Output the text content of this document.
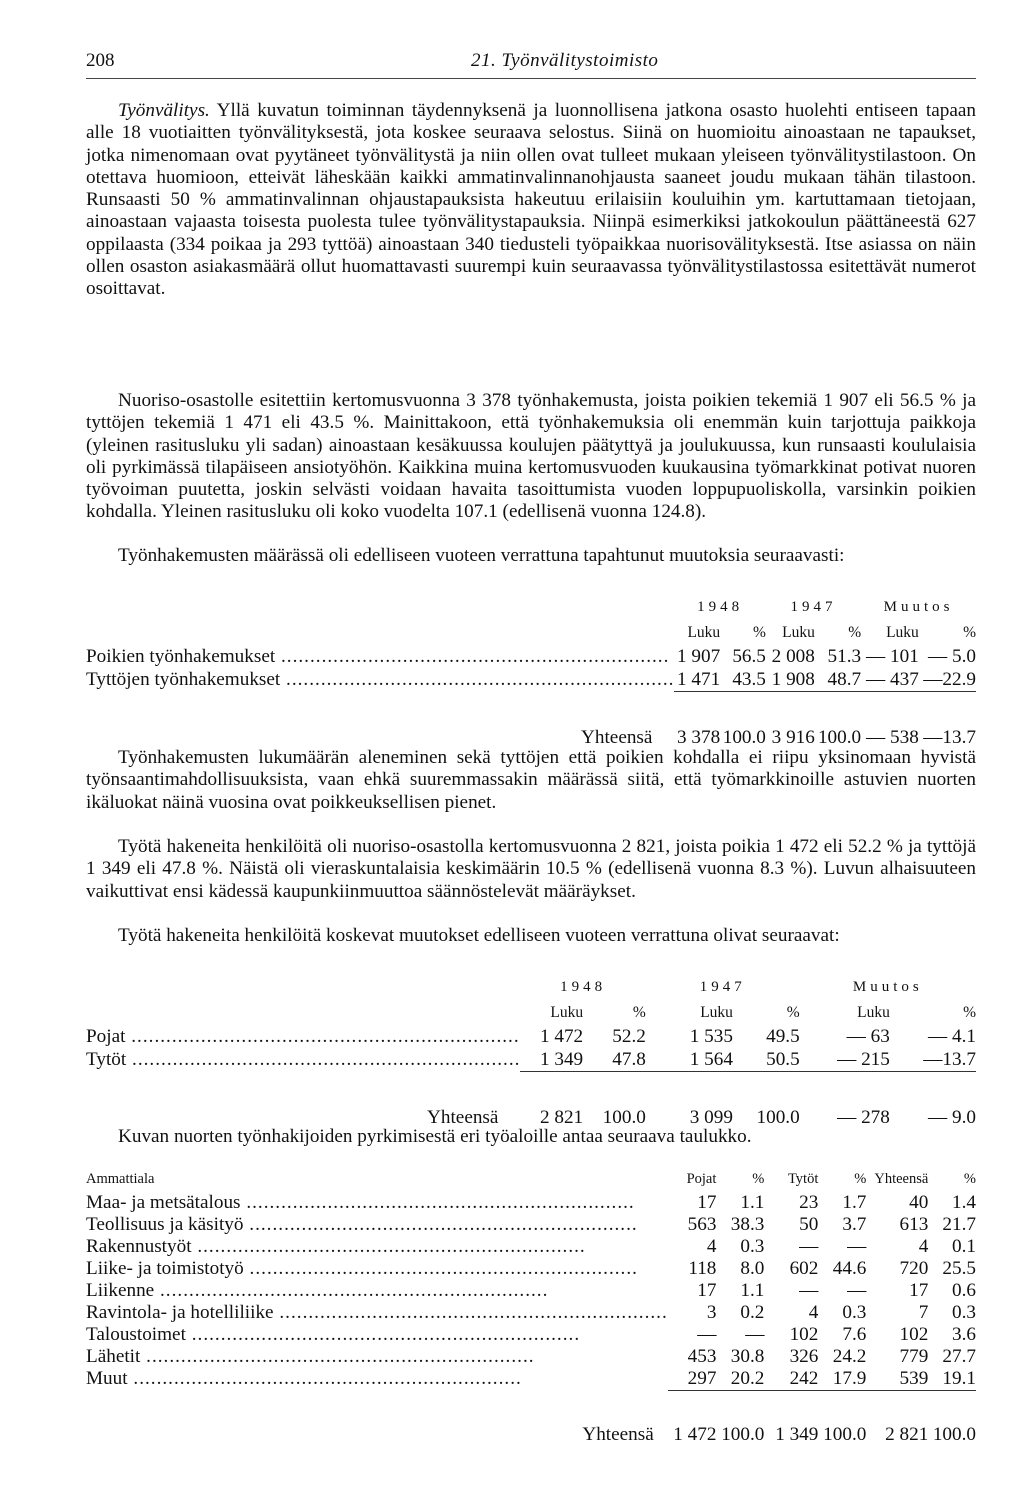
208	21. Työnvälitystoimisto

Työnvälitys. Yllä kuvatun toiminnan täydennyksenä ja luonnollisena jatkona osasto huolehti entiseen tapaan alle 18 vuotiaitten työnvälityksestä, jota koskee seuraava selostus. Siinä on huomioitu ainoastaan ne tapaukset, jotka nimenomaan ovat pyytäneet työnvälitystä ja niin ollen ovat tulleet mukaan yleiseen työnvälitystilastoon. On otettava huomioon, etteivät läheskään kaikki ammatinvalinnanohjausta saaneet joudu mukaan tähän tilastoon. Runsaasti 50 % ammatinvalinnan ohjaustapauksista hakeutuu erilaisiin kouluihin ym. kartuttamaan tietojaan, ainoastaan vajaasta toisesta puolesta tulee työnvälitystapauksia. Niinpä esimerkiksi jatkokoulun päättäneestä 627 oppilaasta (334 poikaa ja 293 tyttöä) ainoastaan 340 tiedusteli työpaikkaa nuorisovälityksestä. Itse asiassa on näin ollen osaston asiakasmäärä ollut huomattavasti suurempi kuin seuraavassa työnvälitystilastossa esitettävät numerot osoittavat.

Nuoriso-osastolle esitettiin kertomusvuonna 3 378 työnhakemusta, joista poikien tekemiä 1 907 eli 56.5 % ja tyttöjen tekemiä 1 471 eli 43.5 %. Mainittakoon, että työnhakemuksia oli enemmän kuin tarjottuja paikkoja (yleinen rasitusluku yli sadan) ainoastaan kesäkuussa koulujen päätyttyä ja joulukuussa, kun runsaasti koululaisia oli pyrkimässä tilapäiseen ansiotyöhön. Kaikkina muina kertomusvuoden kuukausina työmarkkinat potivat nuoren työvoiman puutetta, joskin selvästi voidaan havaita tasoittumista vuoden loppupuoliskolla, varsinkin poikien kohdalla. Yleinen rasitusluku oli koko vuodelta 107.1 (edellisenä vuonna 124.8).

Työnhakemusten määrässä oli edelliseen vuoteen verrattuna tapahtunut muutoksia seuraavasti:

	1948		1947		Muutos	
	Luku	%	Luku	%	Luku	%
Poikien työnhakemukset .....	1 907	56.5	2 008	51.3	— 101	— 5.0
Tyttöjen työnhakemukset .....	1 471	43.5	1 908	48.7	— 437	—22.9

Yhteensä	3 378	100.0	3 916	100.0	— 538	—13.7

Työnhakemusten lukumäärän aleneminen sekä tyttöjen että poikien kohdalla ei riipu yksinomaan hyvistä työnsaantimahdollisuuksista, vaan ehkä suuremmassakin määrässä siitä, että työmarkkinoille astuvien nuorten ikäluokat näinä vuosina ovat poikkeuksellisen pienet.

Työtä hakeneita henkilöitä oli nuoriso-osastolla kertomusvuonna 2 821, joista poikia 1 472 eli 52.2 % ja tyttöjä 1 349 eli 47.8 %. Näistä oli vieraskuntalaisia keskimäärin 10.5 % (edellisenä vuonna 8.3 %). Luvun alhaisuuteen vaikuttivat ensi kädessä kaupunkiinmuuttoa säännöstelevät määräykset.

Työtä hakeneita henkilöitä koskevat muutokset edelliseen vuoteen verrattuna olivat seuraavat:

	1948		1947		Muutos	
	Luku	%	Luku	%	Luku	%
Pojat .....	1 472	52.2	1 535	49.5	— 63	— 4.1
Tytöt .....	1 349	47.8	1 564	50.5	— 215	—13.7

Yhteensä	2 821	100.0	3 099	100.0	— 278	— 9.0

Kuvan nuorten työnhakijoiden pyrkimisestä eri työaloille antaa seuraava taulukko.

Ammattiala	Pojat	%	Tytöt	%	Yhteensä	%
Maa- ja metsätalous .....	17	1.1	23	1.7	40	1.4
Teollisuus ja käsityö .....	563	38.3	50	3.7	613	21.7
Rakennustyöt .....	4	0.3	—	—	4	0.1
Liike- ja toimistotyö .....	118	8.0	602	44.6	720	25.5
Liikenne .....	17	1.1	—	—	17	0.6
Ravintola- ja hotelliliike .....	3	0.2	4	0.3	7	0.3
Taloustoimet .....	—	—	102	7.6	102	3.6
Lähetit .....	453	30.8	326	24.2	779	27.7
Muut .....	297	20.2	242	17.9	539	19.1

Yhteensä	1 472	100.0	1 349	100.0	2 821	100.0
